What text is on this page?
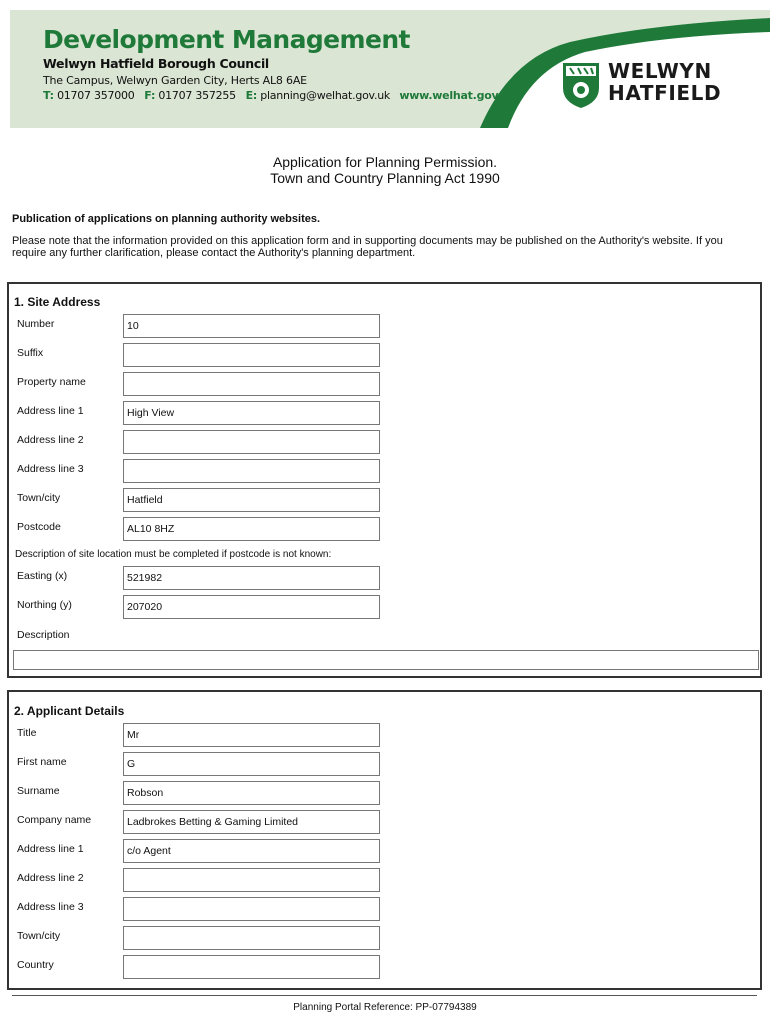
Development Management
Welwyn Hatfield Borough Council
The Campus, Welwyn Garden City, Herts AL8 6AE
T: 01707 357000 F: 01707 357255 E: planning@welhat.gov.uk www.welhat.gov.uk
WELWYN
HATFIELD
Application for Planning Permission.
Town and Country Planning Act 1990
Publication of applications on planning authority websites.
Please note that the information provided on this application form and in supporting documents may be published on the Authority's website. If you require any further clarification, please contact the Authority's planning department.
1. Site Address
Number	10
Suffix
Property name
Address line 1	High View
Address line 2
Address line 3
Town/city	Hatfield
Postcode	AL10 8HZ
Description of site location must be completed if postcode is not known:
Easting (x)	521982
Northing (y)	207020
Description
2. Applicant Details
Title	Mr
First name	G
Surname	Robson
Company name	Ladbrokes Betting & Gaming Limited
Address line 1	c/o Agent
Address line 2
Address line 3
Town/city
Country
Planning Portal Reference: PP-07794389
